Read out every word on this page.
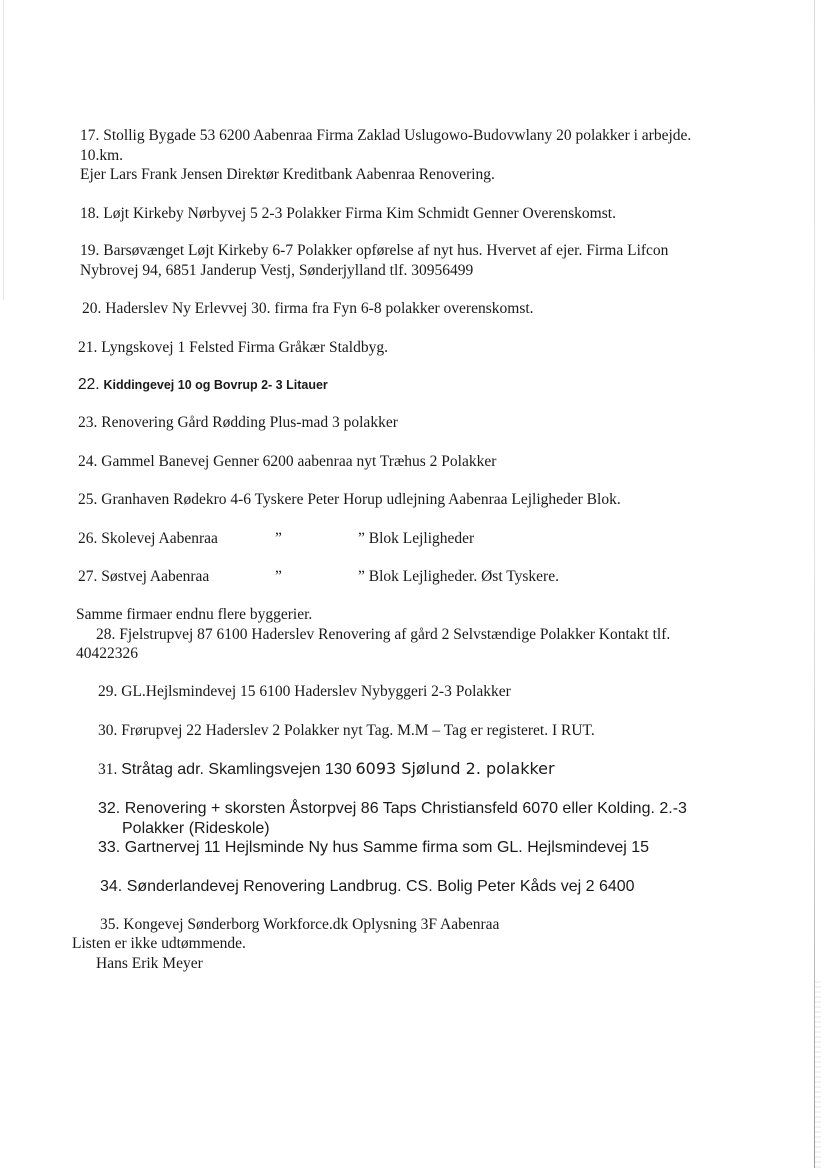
17. Stollig Bygade 53 6200 Aabenraa Firma Zaklad Uslugowo-Budovwlany 20 polakker i arbejde.
10.km.
Ejer Lars Frank Jensen Direktør Kreditbank Aabenraa Renovering.
18. Løjt Kirkeby Nørbyvej 5 2-3 Polakker Firma Kim Schmidt Genner Overenskomst.
19. Barsøvænget Løjt Kirkeby 6-7 Polakker opførelse af nyt hus. Hvervet af ejer. Firma Lifcon
Nybrovej 94, 6851 Janderup Vestj, Sønderjylland tlf. 30956499
20. Haderslev Ny Erlevvej 30. firma fra Fyn 6-8 polakker overenskomst.
21. Lyngskovej 1 Felsted Firma Gråkær Staldbyg.
22. Kiddingevej 10 og Bovrup 2- 3 Litauer
23. Renovering Gård Rødding Plus-mad 3 polakker
24. Gammel Banevej Genner 6200 aabenraa nyt Træhus 2 Polakker
25. Granhaven Rødekro 4-6 Tyskere Peter Horup udlejning Aabenraa Lejligheder Blok.
26. Skolevej Aabenraa	”	” Blok Lejligheder
27. Søstvej Aabenraa	”	” Blok Lejligheder. Øst Tyskere.
Samme firmaer endnu flere byggerier.
28. Fjelstrupvej 87 6100 Haderslev Renovering af gård 2 Selvstændige Polakker Kontakt tlf.
40422326
29. GL.Hejlsmindevej 15 6100 Haderslev Nybyggeri 2-3 Polakker
30. Frørupvej 22 Haderslev 2 Polakker nyt Tag. M.M – Tag er registeret. I RUT.
31. Stråtag adr. Skamlingsvejen 130 6093 Sjølund 2. polakker
32. Renovering + skorsten Åstorpvej 86 Taps Christiansfeld 6070 eller Kolding. 2.-3
Polakker (Rideskole)
33. Gartnervej 11 Hejlsminde Ny hus Samme firma som GL. Hejlsmindevej 15
34. Sønderlandevej Renovering Landbrug. CS. Bolig Peter Kåds vej 2 6400
35. Kongevej Sønderborg Workforce.dk Oplysning 3F Aabenraa
Listen er ikke udtømmende.
Hans Erik Meyer
